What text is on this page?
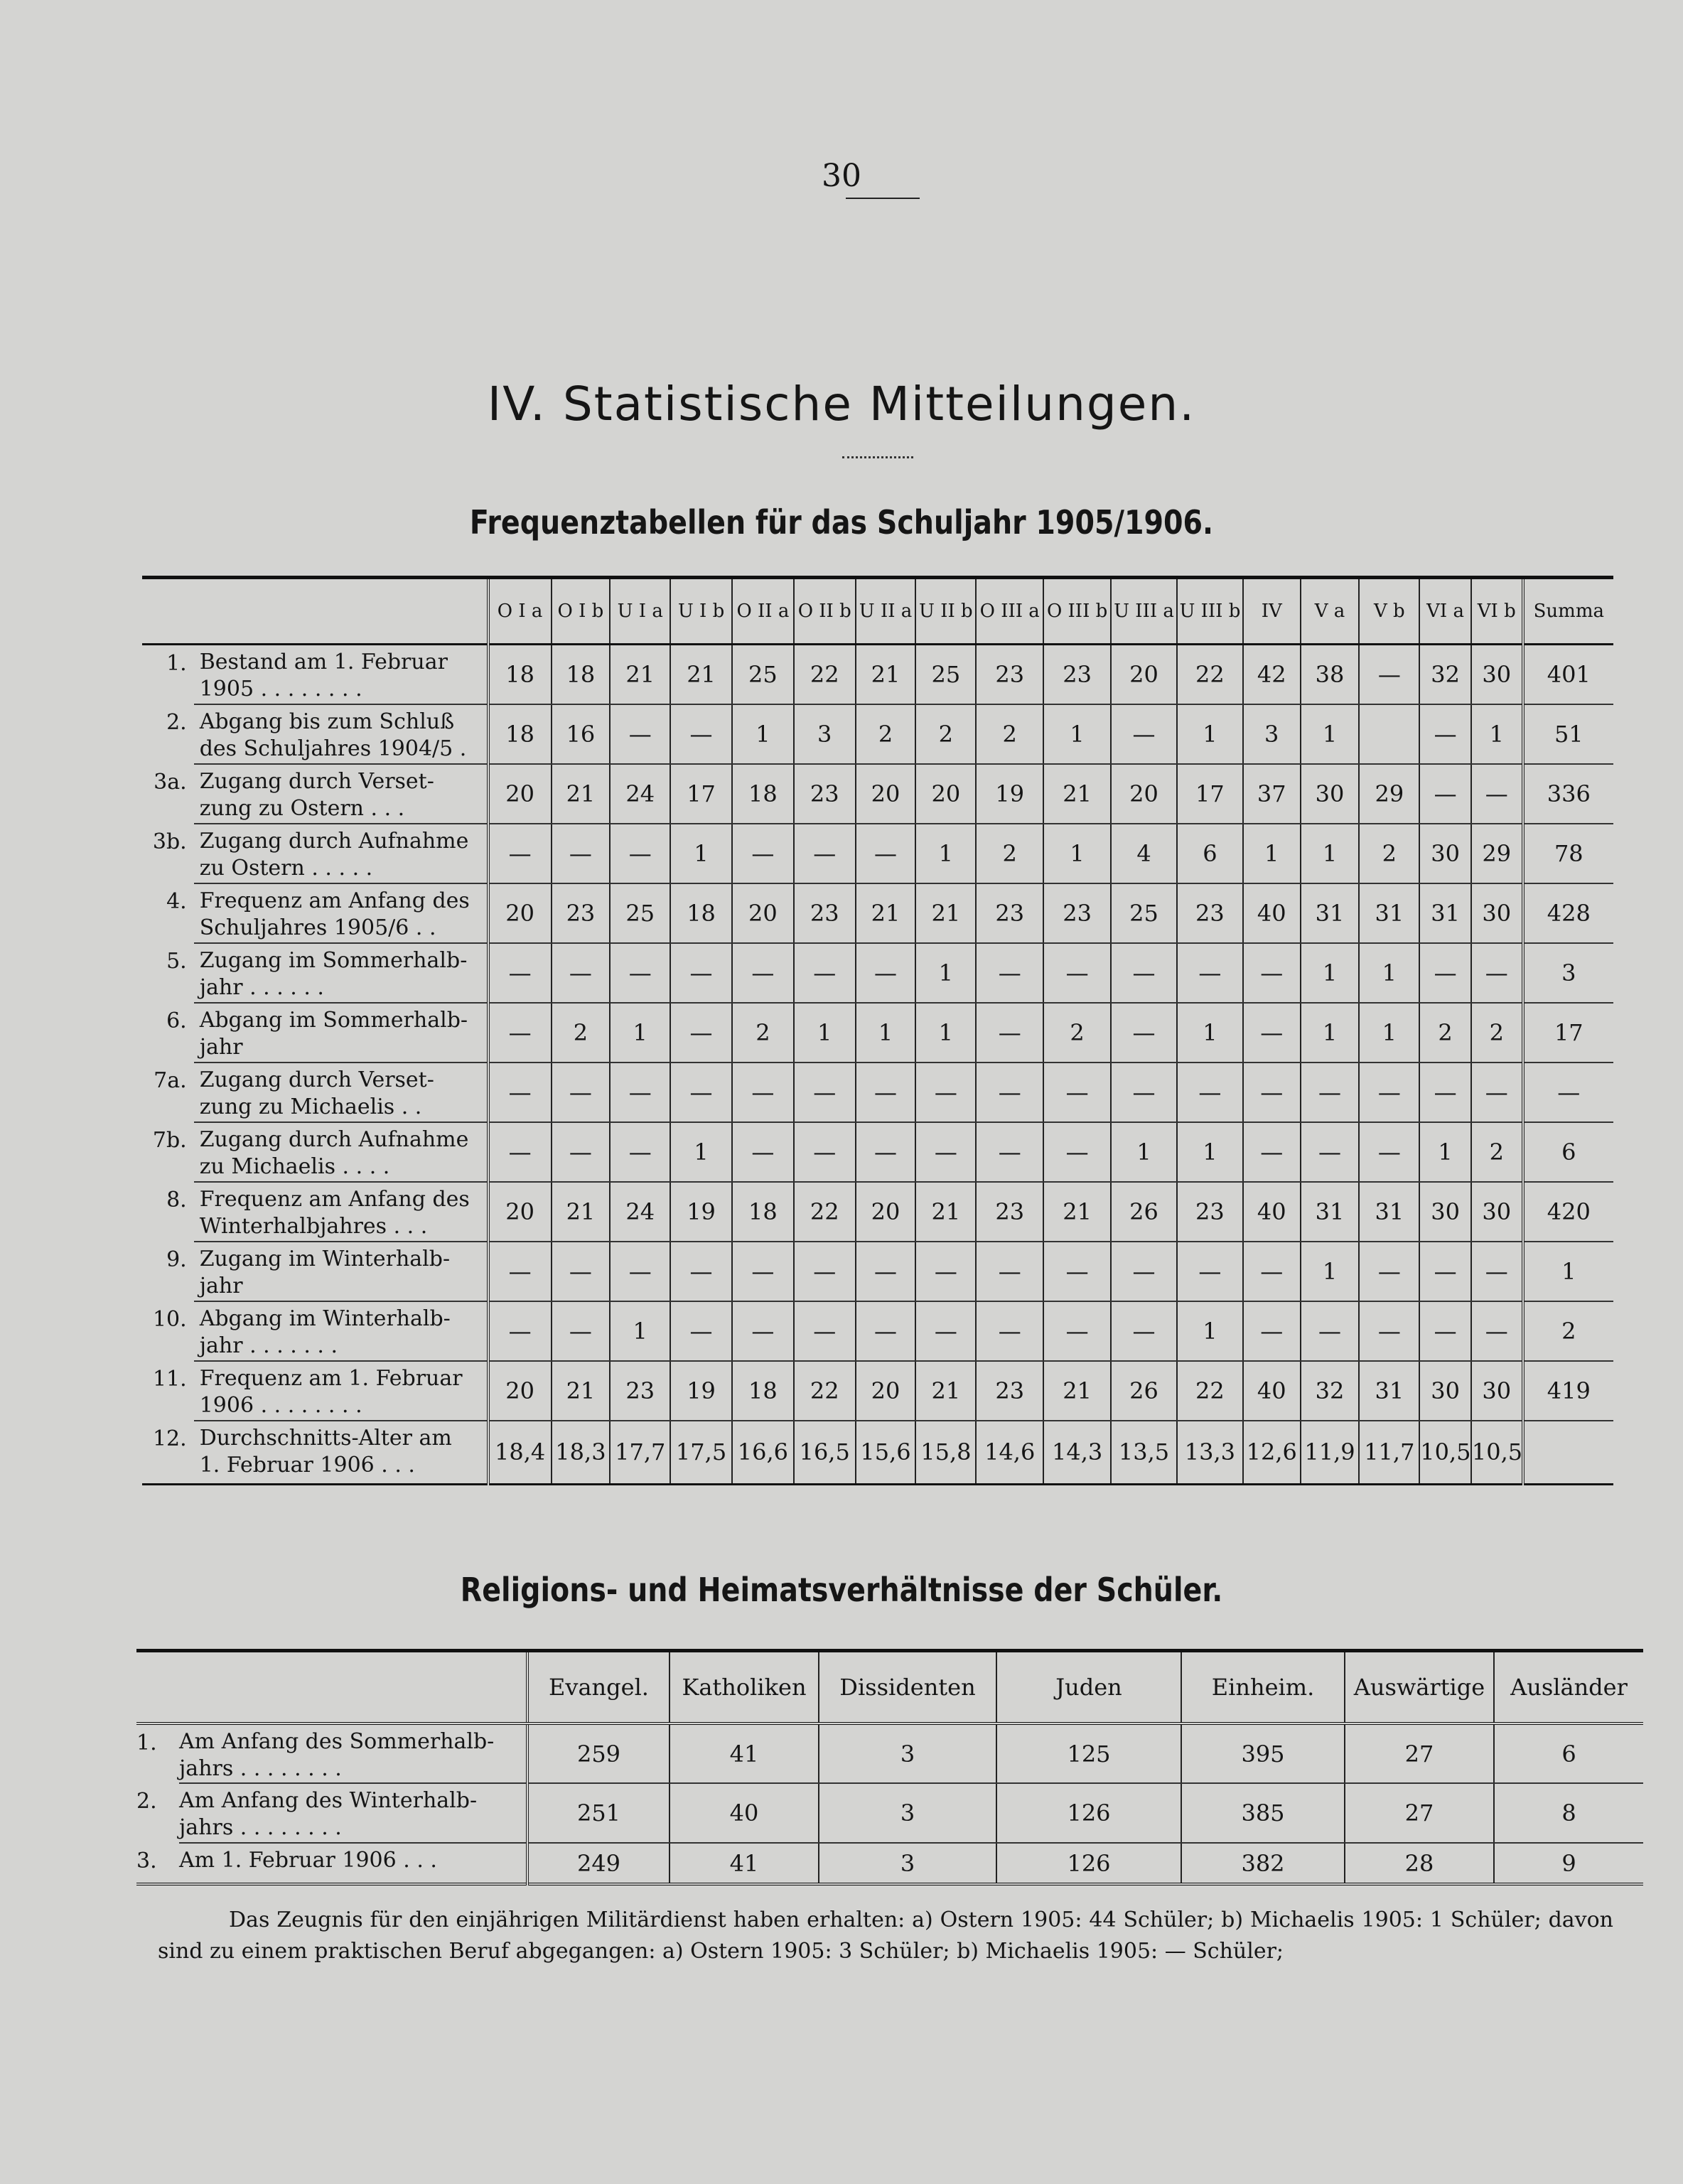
30
IV. Statistische Mitteilungen.
Frequenztabellen für das Schuljahr 1905/1906.
		O I a	O I b	U I a	U I b	O II a	O II b	U II a	U II b	O III a	O III b	U III a	U III b	IV	V a	V b	VI a	VI b	Summa
1.	Bestand am 1. Februar
1905 . . . . . . . .	18	18	21	21	25	22	21	25	23	23	20	22	42	38	—	32	30	401
2.	Abgang bis zum Schluß
des Schuljahres 1904/5 .	18	16	—	—	1	3	2	2	2	1	—	1	3	1		—	1	51
3a.	Zugang durch Verset-
zung zu Ostern . . .	20	21	24	17	18	23	20	20	19	21	20	17	37	30	29	—	—	336
3b.	Zugang durch Aufnahme
zu Ostern . . . . .	—	—	—	1	—	—	—	1	2	1	4	6	1	1	2	30	29	78
4.	Frequenz am Anfang des
Schuljahres 1905/6 . .	20	23	25	18	20	23	21	21	23	23	25	23	40	31	31	31	30	428
5.	Zugang im Sommerhalb-
jahr . . . . . .	—	—	—	—	—	—	—	1	—	—	—	—	—	1	1	—	—	3
6.	Abgang im Sommerhalb-
jahr	—	2	1	—	2	1	1	1	—	2	—	1	—	1	1	2	2	17
7a.	Zugang durch Verset-
zung zu Michaelis . .	—	—	—	—	—	—	—	—	—	—	—	—	—	—	—	—	—	—
7b.	Zugang durch Aufnahme
zu Michaelis . . . .	—	—	—	1	—	—	—	—	—	—	1	1	—	—	—	1	2	6
8.	Frequenz am Anfang des
Winterhalbjahres . . .	20	21	24	19	18	22	20	21	23	21	26	23	40	31	31	30	30	420
9.	Zugang im Winterhalb-
jahr	—	—	—	—	—	—	—	—	—	—	—	—	—	1	—	—	—	1
10.	Abgang im Winterhalb-
jahr . . . . . . .	—	—	1	—	—	—	—	—	—	—	—	1	—	—	—	—	—	2
11.	Frequenz am 1. Februar
1906 . . . . . . . .	20	21	23	19	18	22	20	21	23	21	26	22	40	32	31	30	30	419
12.	Durchschnitts-Alter am
1. Februar 1906 . . .	18,4	18,3	17,7	17,5	16,6	16,5	15,6	15,8	14,6	14,3	13,5	13,3	12,6	11,9	11,7	10,5	10,5	
Religions- und Heimatsverhältnisse der Schüler.
		Evangel.	Katholiken	Dissidenten	Juden	Einheim.	Auswärtige	Ausländer
1.	Am Anfang des Sommerhalb-
jahrs . . . . . . . .	259	41	3	125	395	27	6
2.	Am Anfang des Winterhalb-
jahrs . . . . . . . .	251	40	3	126	385	27	8
3.	Am 1. Februar 1906 . . .	249	41	3	126	382	28	9
Das Zeugnis für den einjährigen Militärdienst haben erhalten: a) Ostern 1905: 44 Schüler; b) Michaelis 1905: 1 Schüler; davon sind zu einem praktischen Beruf abgegangen: a) Ostern 1905: 3 Schüler; b) Michaelis 1905: — Schüler;
